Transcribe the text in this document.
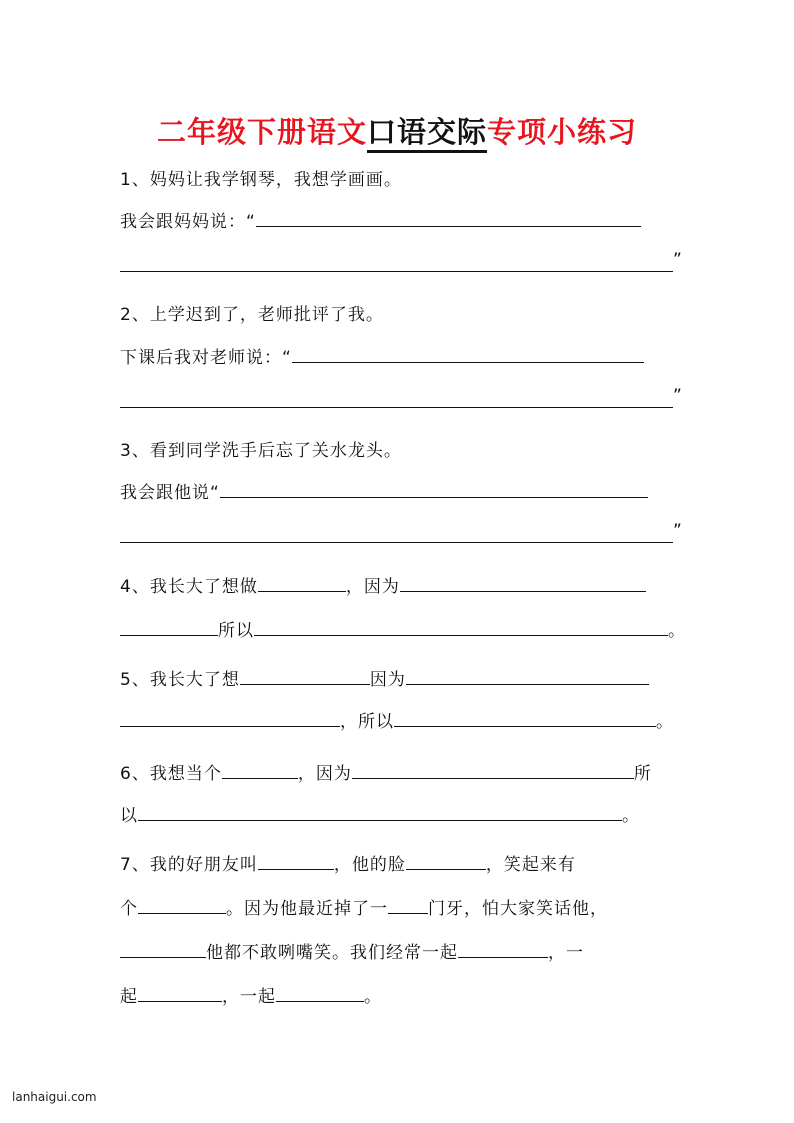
二年级下册语文口语交际专项小练习
1、妈妈让我学钢琴，我想学画画。
我会跟妈妈说：“
”
2、上学迟到了，老师批评了我。
下课后我对老师说：“
”
3、看到同学洗手后忘了关水龙头。
我会跟他说“
”
4、我长大了想做	，因为
所以	。
5、我长大了想	因为
，所以	。
6、我想当个	，因为	所
以	。
7、我的好朋友叫	，他的脸	，笑起来有
个	。因为他最近掉了一 门牙，怕大家笑话他，
他都不敢咧嘴笑。我们经常一起	，一
起	，一起	。
lanhaigui.com
